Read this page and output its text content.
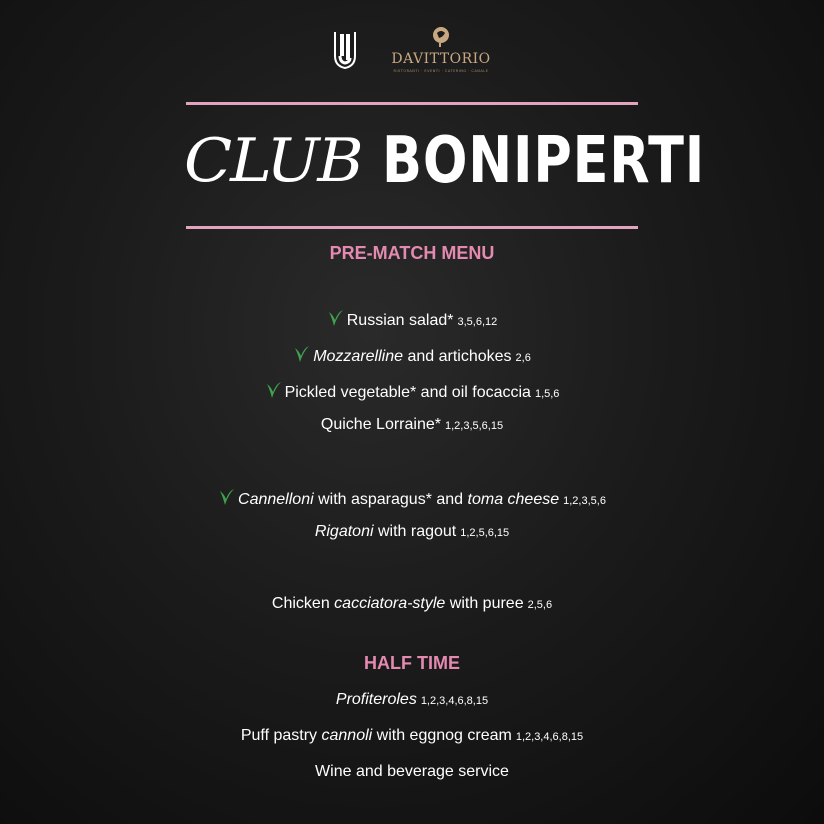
DAVITTORIO
RISTORANTI · EVENTI · CATERING · CANALE
CLUB BONIPERTI
PRE-MATCH MENU
Russian salad* 3,5,6,12
Mozzarelline and artichokes 2,6
Pickled vegetable* and oil focaccia 1,5,6
Quiche Lorraine* 1,2,3,5,6,15
Cannelloni with asparagus* and toma cheese 1,2,3,5,6
Rigatoni with ragout 1,2,5,6,15
Chicken cacciatora-style with puree 2,5,6
HALF TIME
Profiteroles 1,2,3,4,6,8,15
Puff pastry cannoli with eggnog cream 1,2,3,4,6,8,15
Wine and beverage service
